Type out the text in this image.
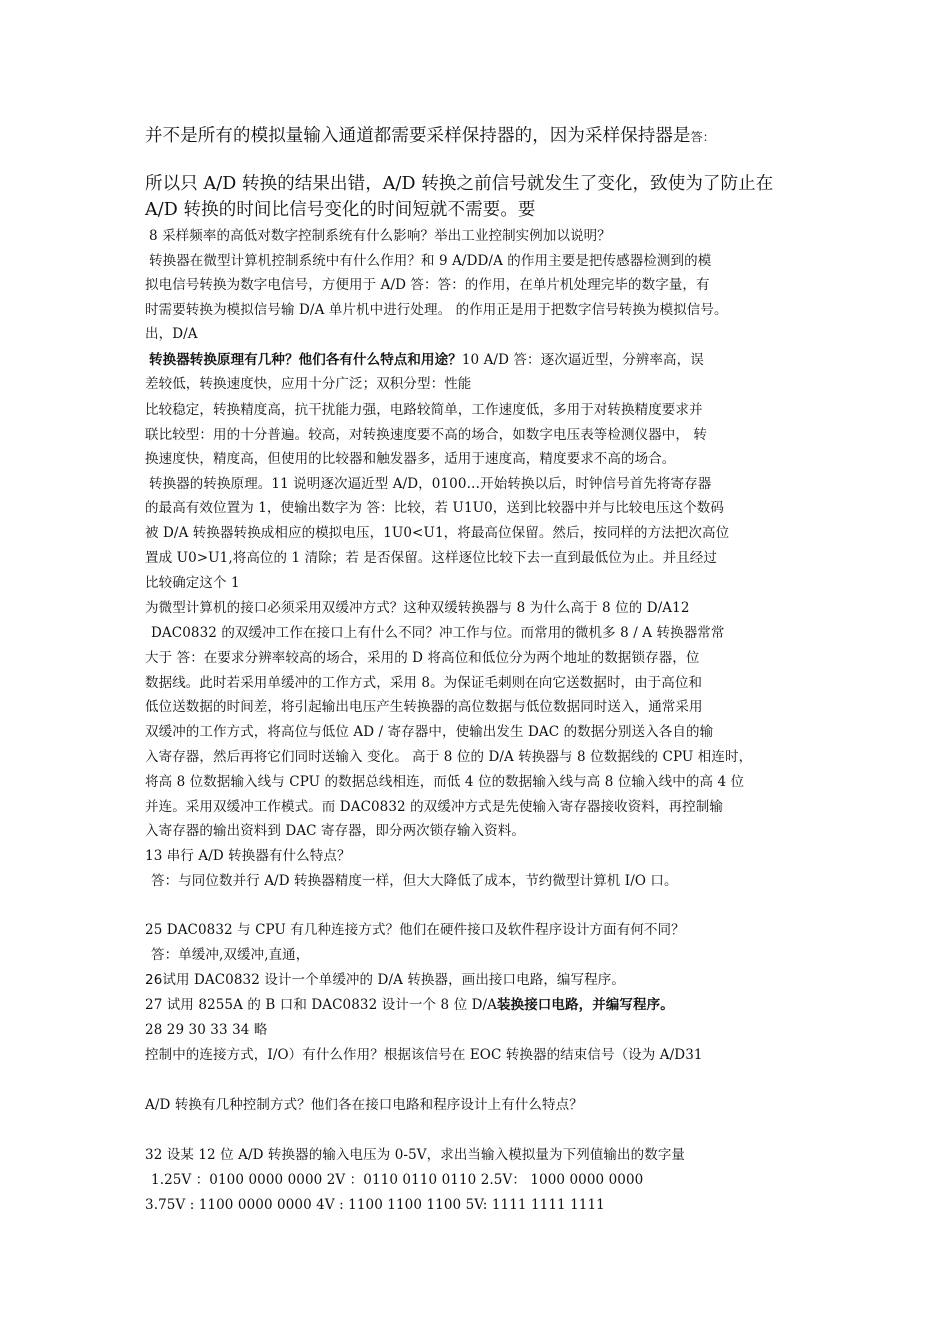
并不是所有的模拟量输入通道都需要采样保持器的，因为采样保持器是答：
所以只 A/D 转换的结果出错，A/D 转换之前信号就发生了变化，致使为了防止在
A/D 转换的时间比信号变化的时间短就不需要。要
8 采样频率的高低对数字控制系统有什么影响？举出工业控制实例加以说明？
转换器在微型计算机控制系统中有什么作用？和 9 A/DD/A 的作用主要是把传感器检测到的模
拟电信号转换为数字电信号，方便用于 A/D 答：答：的作用，在单片机处理完毕的数字量，有
时需要转换为模拟信号输 D/A 单片机中进行处理。 的作用正是用于把数字信号转换为模拟信号。
出，D/A
转换器转换原理有几种？他们各有什么特点和用途？10 A/D 答：逐次逼近型，分辨率高，误
差较低，转换速度快，应用十分广泛；双积分型：性能
比较稳定，转换精度高，抗干扰能力强，电路较简单，工作速度低，多用于对转换精度要求并
联比较型：用的十分普遍。较高，对转换速度要不高的场合，如数字电压表等检测仪器中， 转
换速度快，精度高，但使用的比较器和触发器多，适用于速度高，精度要求不高的场合。
转换器的转换原理。11 说明逐次逼近型 A/D，0100…开始转换以后，时钟信号首先将寄存器
的最高有效位置为 1，使输出数字为 答：比较，若 U1U0，送到比较器中并与比较电压这个数码
被 D/A 转换器转换成相应的模拟电压，1U0<U1，将最高位保留。然后，按同样的方法把次高位
置成 U0>U1,将高位的 1 清除；若 是否保留。这样逐位比较下去一直到最低位为止。并且经过
比较确定这个 1
为微型计算机的接口必须采用双缓冲方式？这种双缓转换器与 8 为什么高于 8 位的 D/A12
DAC0832 的双缓冲工作在接口上有什么不同？冲工作与位。而常用的微机多 8 / A 转换器常常
大于 答：在要求分辨率较高的场合，采用的 D 将高位和低位分为两个地址的数据锁存器，位
数据线。此时若采用单缓冲的工作方式，采用 8。为保证毛刺则在向它送数据时，由于高位和
低位送数据的时间差，将引起输出电压产生转换器的高位数据与低位数据同时送入，通常采用
双缓冲的工作方式，将高位与低位 AD / 寄存器中，使输出发生 DAC 的数据分别送入各自的输
入寄存器，然后再将它们同时送输入 变化。 高于 8 位的 D/A 转换器与 8 位数据线的 CPU 相连时，
将高 8 位数据输入线与 CPU 的数据总线相连，而低 4 位的数据输入线与高 8 位输入线中的高 4 位
并连。采用双缓冲工作模式。而 DAC0832 的双缓冲方式是先使输入寄存器接收资料，再控制输
入寄存器的输出资料到 DAC 寄存器，即分两次锁存输入资料。
13 串行 A/D 转换器有什么特点？
答：与同位数并行 A/D 转换器精度一样，但大大降低了成本，节约微型计算机 I/O 口。
25 DAC0832 与 CPU 有几种连接方式？他们在硬件接口及软件程序设计方面有何不同？
答：单缓冲,双缓冲,直通，
26试用 DAC0832 设计一个单缓冲的 D/A 转换器，画出接口电路，编写程序。
27 试用 8255A 的 B 口和 DAC0832 设计一个 8 位 D/A装换接口电路，并编写程序。
28 29 30 33 34 略
控制中的连接方式，I/O）有什么作用？根据该信号在 EOC 转换器的结束信号（设为 A/D31
A/D 转换有几种控制方式？他们各在接口电路和程序设计上有什么特点？
32 设某 12 位 A/D 转换器的输入电压为 0-5V，求出当输入模拟量为下列值输出的数字量
1.25V ：0100 0000 0000 2V ：0110 0110 0110 2.5V： 1000 0000 0000
3.75V : 1100 0000 0000 4V : 1100 1100 1100 5V: 1111 1111 1111
